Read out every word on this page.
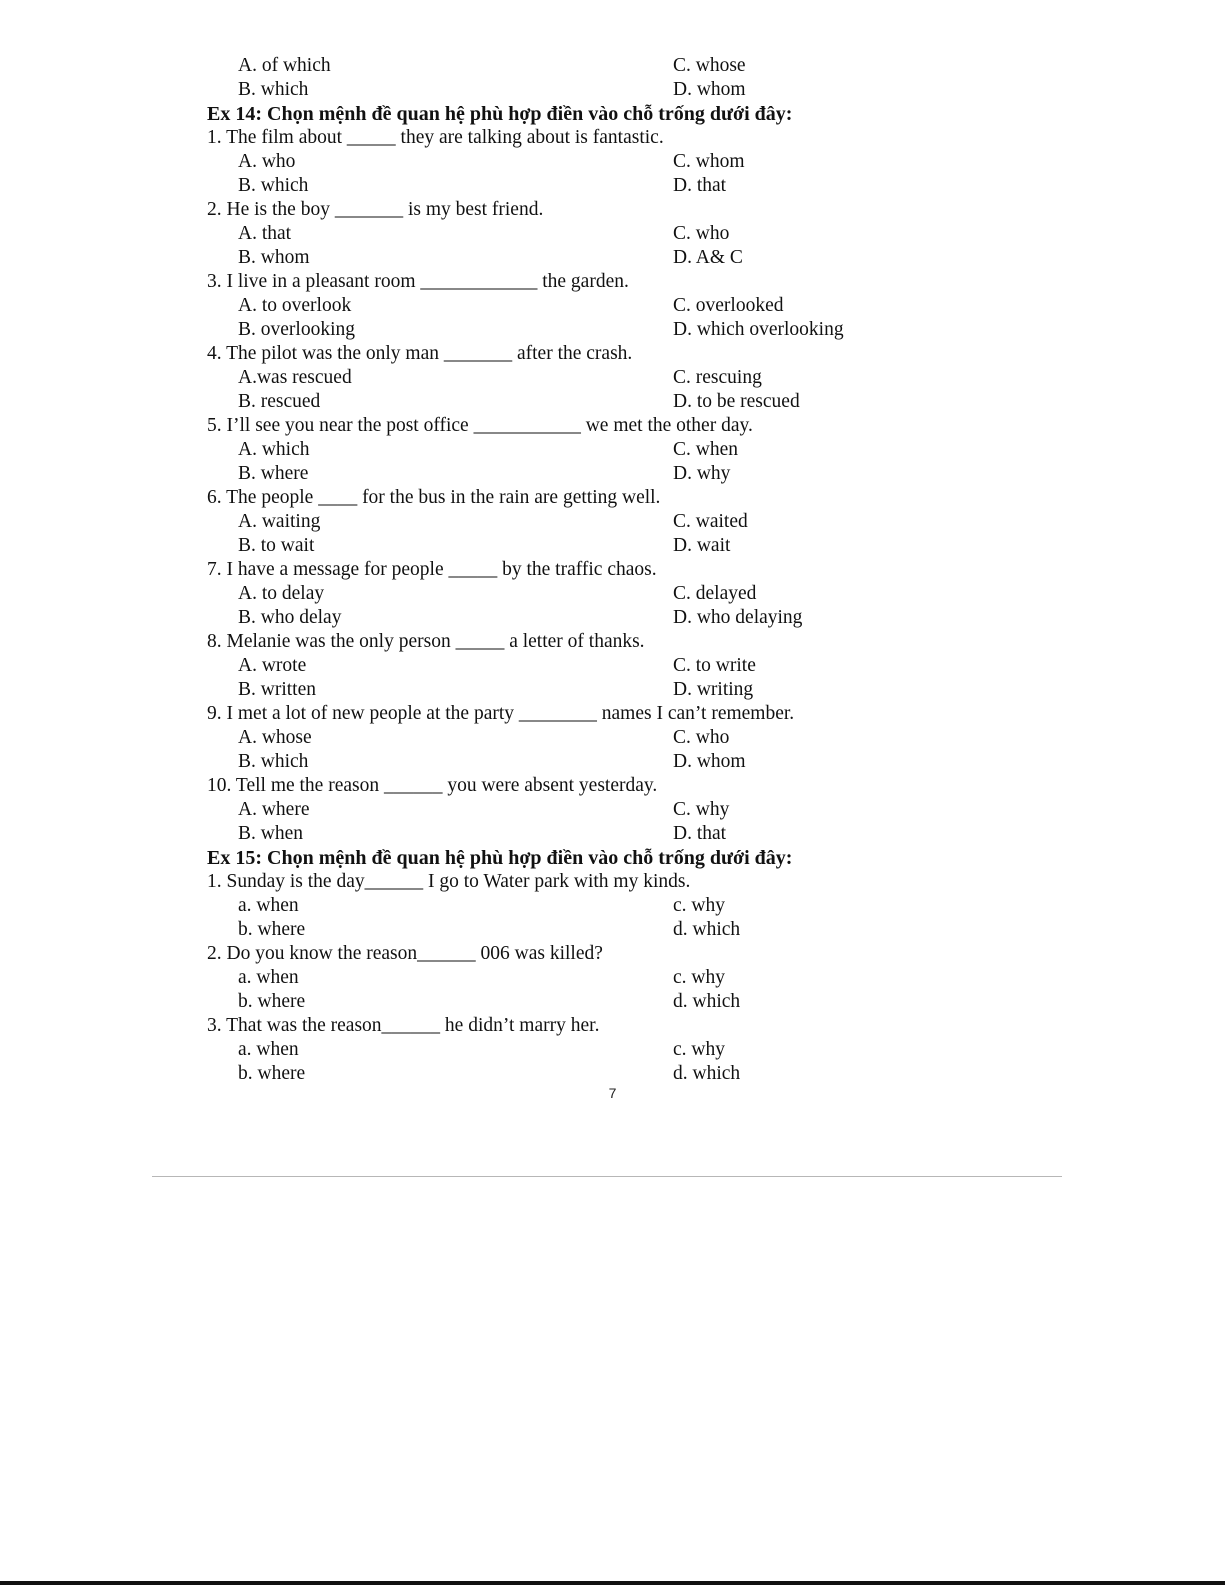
A. of which	C. whose
B. which	D. whom
Ex 14: Chọn mệnh đề quan hệ phù hợp điền vào chỗ trống dưới đây:
1. The film about _____ they are talking about is fantastic.
A. who	C. whom
B. which	D. that
2. He is the boy _______ is my best friend.
A. that	C. who
B. whom	D. A& C
3. I live in a pleasant room ____________ the garden.
A. to overlook	C. overlooked
B. overlooking	D. which overlooking
4. The pilot was the only man _______ after the crash.
A.was rescued	C. rescuing
B. rescued	D. to be rescued
5. I’ll see you near the post office ___________ we met the other day.
A. which	C. when
B. where	D. why
6. The people ____ for the bus in the rain are getting well.
A. waiting	C. waited
B. to wait	D. wait
7. I have a message for people _____ by the traffic chaos.
A. to delay	C. delayed
B. who delay	D. who delaying
8. Melanie was the only person _____ a letter of thanks.
A. wrote	C. to write
B. written	D. writing
9. I met a lot of new people at the party ________ names I can’t remember.
A. whose	C. who
B. which	D. whom
10. Tell me the reason ______ you were absent yesterday.
A. where	C. why
B. when	D. that
Ex 15: Chọn mệnh đề quan hệ phù hợp điền vào chỗ trống dưới đây:
1. Sunday is the day______ I go to Water park with my kinds.
a. when	c. why
b. where	d. which
2. Do you know the reason______ 006 was killed?
a. when	c. why
b. where	d. which
3. That was the reason______ he didn’t marry her.
a. when	c. why
b. where	d. which
7
